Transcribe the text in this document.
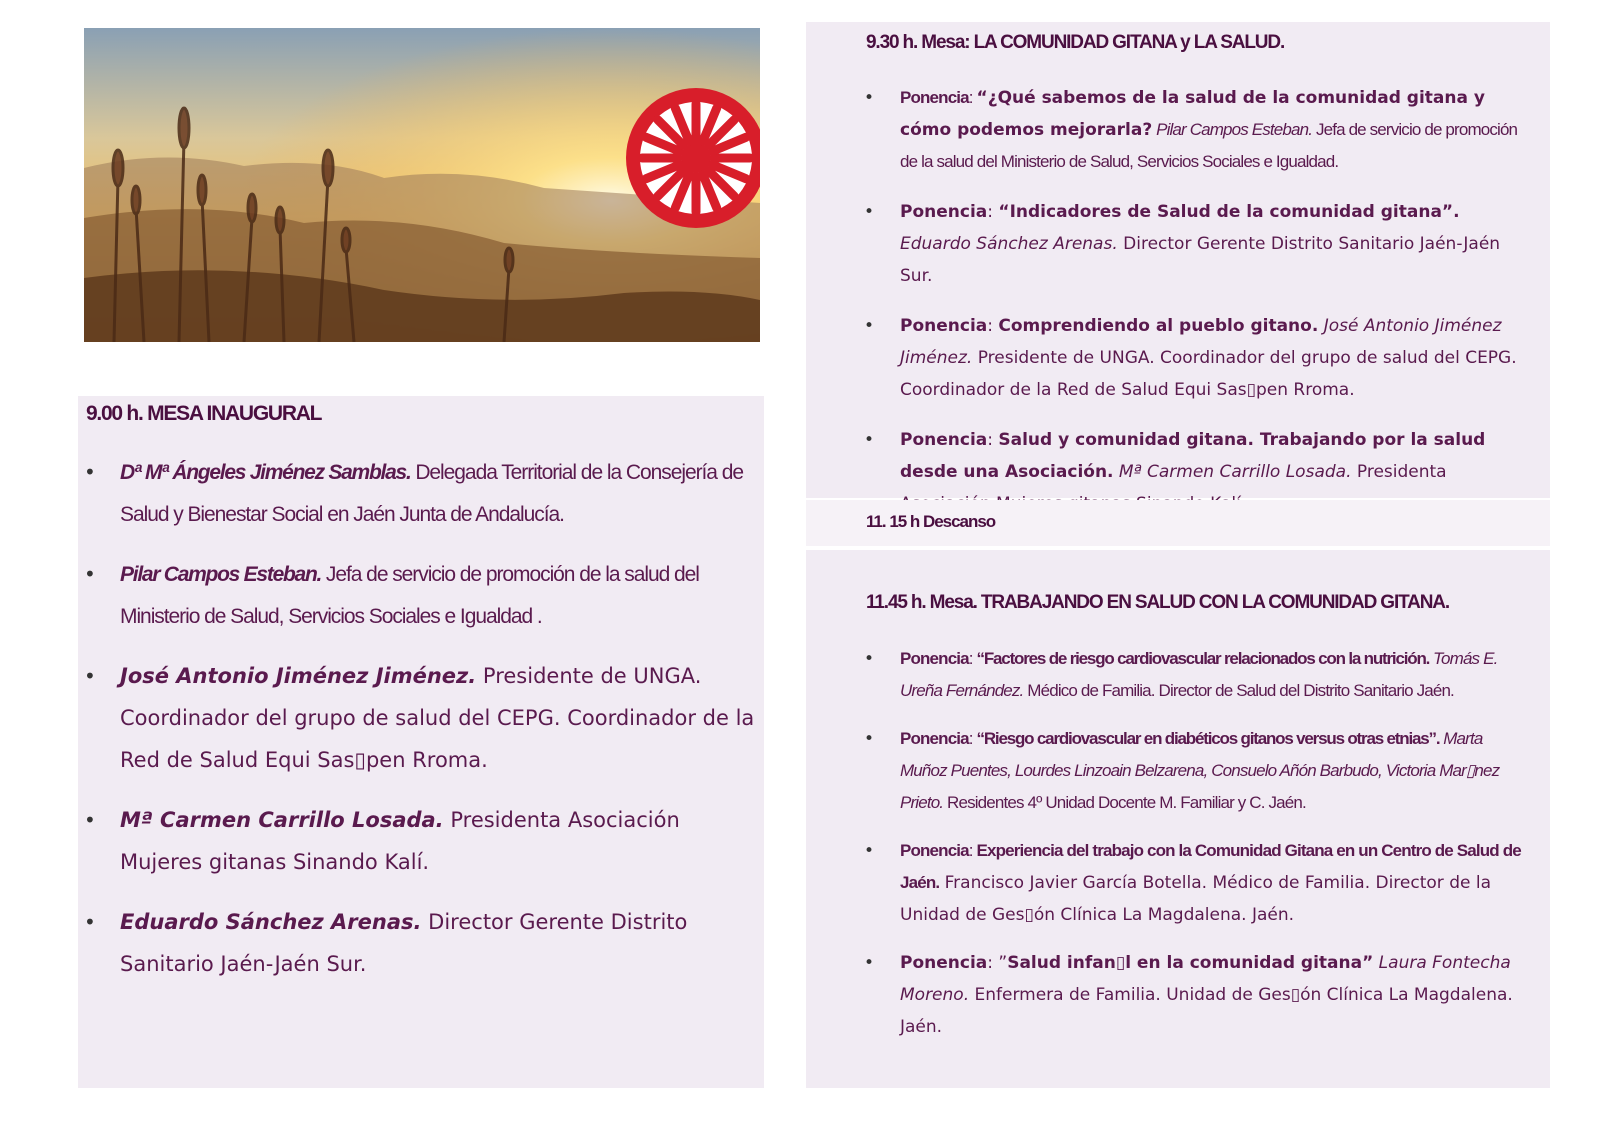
9.00 h. MESA INAUGURAL
• Dª Mª Ángeles Jiménez Samblas. Delegada Territorial de la Consejería de Salud y Bienestar Social en Jaén Junta de Andalucía.
• Pilar Campos Esteban. Jefa de servicio de promoción de la salud del Ministerio de Salud, Servicios Sociales e Igualdad .
• José Antonio Jiménez Jiménez. Presidente de UNGA. Coordinador del grupo de salud del CEPG. Coordinador de la Red de Salud Equi Sas▯pen Rroma.
• Mª Carmen Carrillo Losada. Presidenta Asociación Mujeres gitanas Sinando Kalí.
• Eduardo Sánchez Arenas. Director Gerente Distrito Sanitario Jaén-Jaén Sur.
9.30 h. Mesa: LA COMUNIDAD GITANA y LA SALUD.
• Ponencia: “¿Qué sabemos de la salud de la comunidad gitana y cómo podemos mejorarla? Pilar Campos Esteban. Jefa de servicio de promoción de la salud del Ministerio de Salud, Servicios Sociales e Igualdad.
• Ponencia: “Indicadores de Salud de la comunidad gitana”. Eduardo Sánchez Arenas. Director Gerente Distrito Sanitario Jaén-Jaén Sur.
• Ponencia: Comprendiendo al pueblo gitano. José Antonio Jiménez Jiménez. Presidente de UNGA. Coordinador del grupo de salud del CEPG. Coordinador de la Red de Salud Equi Sas▯pen Rroma.
• Ponencia: Salud y comunidad gitana. Trabajando por la salud desde una Asociación. Mª Carmen Carrillo Losada. Presidenta
11. 15 h Descanso
11.45 h. Mesa. TRABAJANDO EN SALUD CON LA COMUNIDAD GITANA.
• Ponencia: “Factores de riesgo cardiovascular relacionados con la nutrición. Tomás E. Ureña Fernández. Médico de Familia. Director de Salud del Distrito Sanitario Jaén.
• Ponencia: “Riesgo cardiovascular en diabéticos gitanos versus otras etnias”. Marta Muñoz Puentes, Lourdes Linzoain Belzarena, Consuelo Añón Barbudo, Victoria Mar▯nez Prieto. Residentes 4º Unidad Docente M. Familiar y C. Jaén.
• Ponencia: Experiencia del trabajo con la Comunidad Gitana en un Centro de Salud de Jaén. Francisco Javier García Botella. Médico de Familia. Director de la Unidad de Ges▯ón Clínica La Magdalena. Jaén.
• Ponencia: ”Salud infan▯l en la comunidad gitana” Laura Fontecha Moreno. Enfermera de Familia. Unidad de Ges▯ón Clínica La Magdalena. Jaén.
